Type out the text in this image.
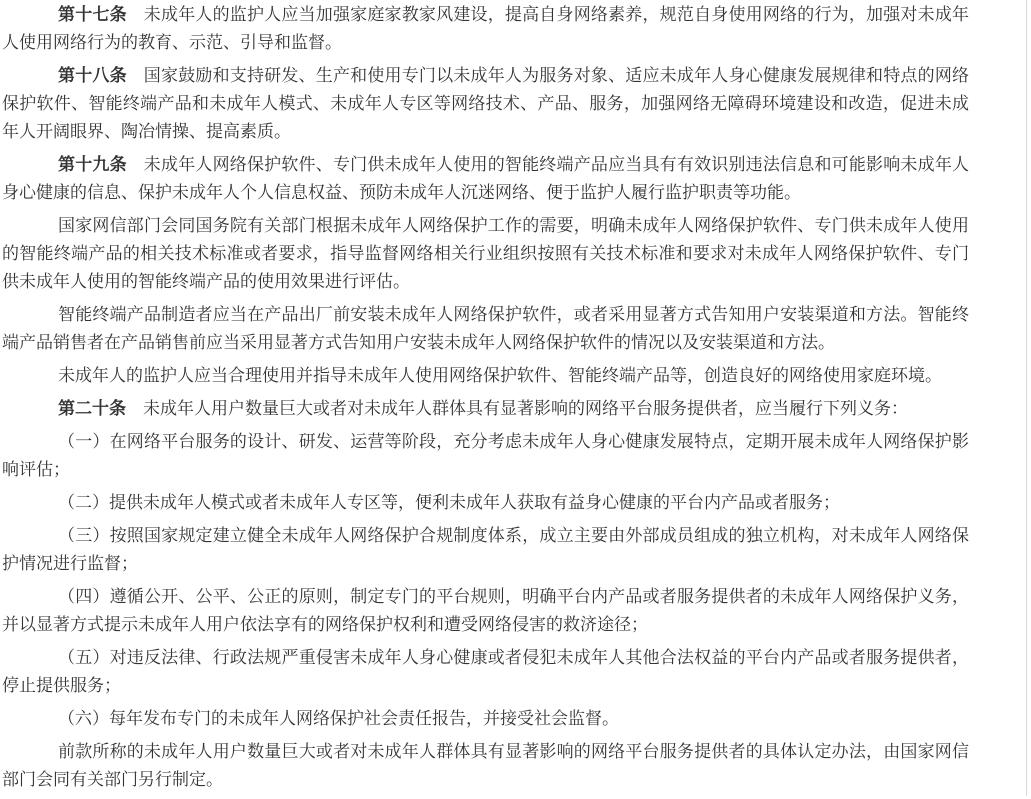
第十七条 未成年人的监护人应当加强家庭家教家风建设，提高自身网络素养，规范自身使用网络的行为，加强对未成年人使用网络行为的教育、示范、引导和监督。

第十八条 国家鼓励和支持研发、生产和使用专门以未成年人为服务对象、适应未成年人身心健康发展规律和特点的网络保护软件、智能终端产品和未成年人模式、未成年人专区等网络技术、产品、服务，加强网络无障碍环境建设和改造，促进未成年人开阔眼界、陶冶情操、提高素质。

第十九条 未成年人网络保护软件、专门供未成年人使用的智能终端产品应当具有有效识别违法信息和可能影响未成年人身心健康的信息、保护未成年人个人信息权益、预防未成年人沉迷网络、便于监护人履行监护职责等功能。

国家网信部门会同国务院有关部门根据未成年人网络保护工作的需要，明确未成年人网络保护软件、专门供未成年人使用的智能终端产品的相关技术标准或者要求，指导监督网络相关行业组织按照有关技术标准和要求对未成年人网络保护软件、专门供未成年人使用的智能终端产品的使用效果进行评估。

智能终端产品制造者应当在产品出厂前安装未成年人网络保护软件，或者采用显著方式告知用户安装渠道和方法。智能终端产品销售者在产品销售前应当采用显著方式告知用户安装未成年人网络保护软件的情况以及安装渠道和方法。

未成年人的监护人应当合理使用并指导未成年人使用网络保护软件、智能终端产品等，创造良好的网络使用家庭环境。

第二十条 未成年人用户数量巨大或者对未成年人群体具有显著影响的网络平台服务提供者，应当履行下列义务：

（一）在网络平台服务的设计、研发、运营等阶段，充分考虑未成年人身心健康发展特点，定期开展未成年人网络保护影响评估；

（二）提供未成年人模式或者未成年人专区等，便利未成年人获取有益身心健康的平台内产品或者服务；

（三）按照国家规定建立健全未成年人网络保护合规制度体系，成立主要由外部成员组成的独立机构，对未成年人网络保护情况进行监督；

（四）遵循公开、公平、公正的原则，制定专门的平台规则，明确平台内产品或者服务提供者的未成年人网络保护义务，并以显著方式提示未成年人用户依法享有的网络保护权利和遭受网络侵害的救济途径；

（五）对违反法律、行政法规严重侵害未成年人身心健康或者侵犯未成年人其他合法权益的平台内产品或者服务提供者，停止提供服务；

（六）每年发布专门的未成年人网络保护社会责任报告，并接受社会监督。

前款所称的未成年人用户数量巨大或者对未成年人群体具有显著影响的网络平台服务提供者的具体认定办法，由国家网信部门会同有关部门另行制定。
